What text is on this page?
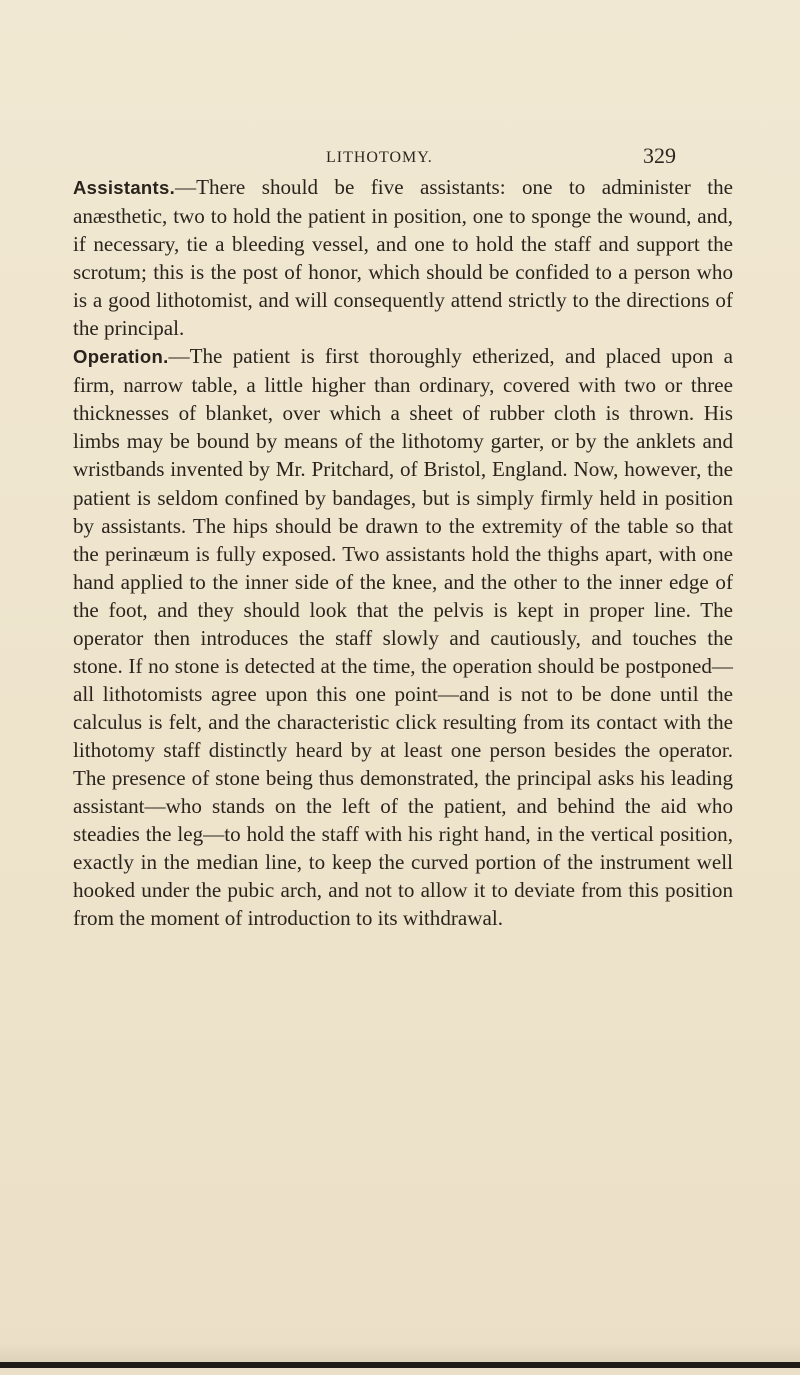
LITHOTOMY.	329

Assistants.—There should be five assistants: one to administer the anæsthetic, two to hold the patient in position, one to sponge the wound, and, if necessary, tie a bleeding vessel, and one to hold the staff and support the scrotum; this is the post of honor, which should be confided to a person who is a good lithotomist, and will consequently attend strictly to the directions of the principal.

Operation.—The patient is first thoroughly etherized, and placed upon a firm, narrow table, a little higher than ordinary, covered with two or three thicknesses of blanket, over which a sheet of rubber cloth is thrown. His limbs may be bound by means of the lithotomy garter, or by the anklets and wristbands invented by Mr. Pritchard, of Bristol, England. Now, however, the patient is seldom confined by bandages, but is simply firmly held in position by assistants. The hips should be drawn to the extremity of the table so that the perinæum is fully exposed. Two assistants hold the thighs apart, with one hand applied to the inner side of the knee, and the other to the inner edge of the foot, and they should look that the pelvis is kept in proper line. The operator then introduces the staff slowly and cautiously, and touches the stone. If no stone is detected at the time, the operation should be postponed—all lithotomists agree upon this one point—and is not to be done until the calculus is felt, and the characteristic click resulting from its contact with the lithotomy staff distinctly heard by at least one person besides the operator. The presence of stone being thus demonstrated, the principal asks his leading assistant—who stands on the left of the patient, and behind the aid who steadies the leg—to hold the staff with his right hand, in the vertical position, exactly in the median line, to keep the curved portion of the instrument well hooked under the pubic arch, and not to allow it to deviate from this position from the moment of introduction to its withdrawal.
